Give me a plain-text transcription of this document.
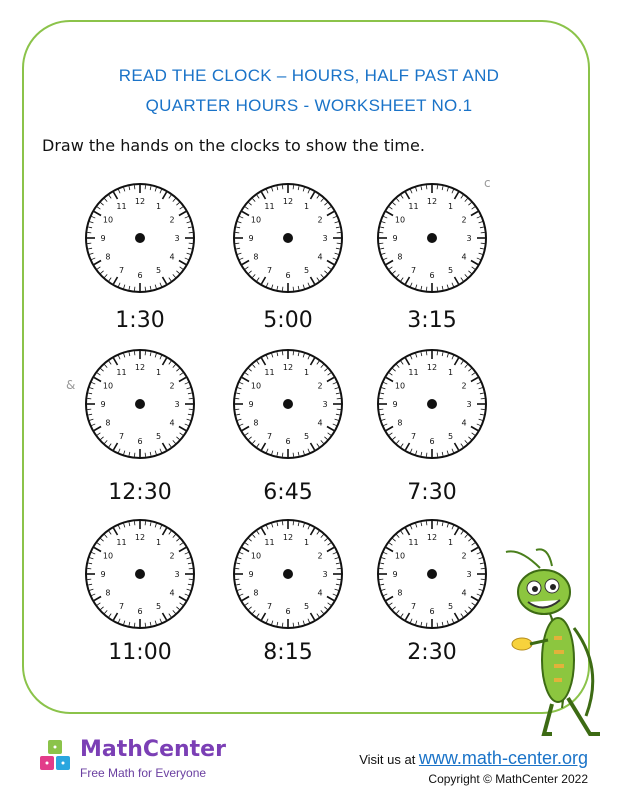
READ THE CLOCK – HOURS, HALF PAST AND
QUARTER HOURS - WORKSHEET NO.1
Draw the hands on the clocks to show the time.
c
&
12
1
2
3
4
5
6
7
8
9
10
11
1:30
12
1
2
3
4
5
6
7
8
9
10
11
5:00
12
1
2
3
4
5
6
7
8
9
10
11
3:15
12
1
2
3
4
5
6
7
8
9
10
11
12:30
12
1
2
3
4
5
6
7
8
9
10
11
6:45
12
1
2
3
4
5
6
7
8
9
10
11
7:30
12
1
2
3
4
5
6
7
8
9
10
11
11:00
12
1
2
3
4
5
6
7
8
9
10
11
8:15
12
1
2
3
4
5
6
7
8
9
10
11
2:30
MathCenter
Free Math for Everyone
Visit us at www.math-center.org
Copyright © MathCenter 2022
